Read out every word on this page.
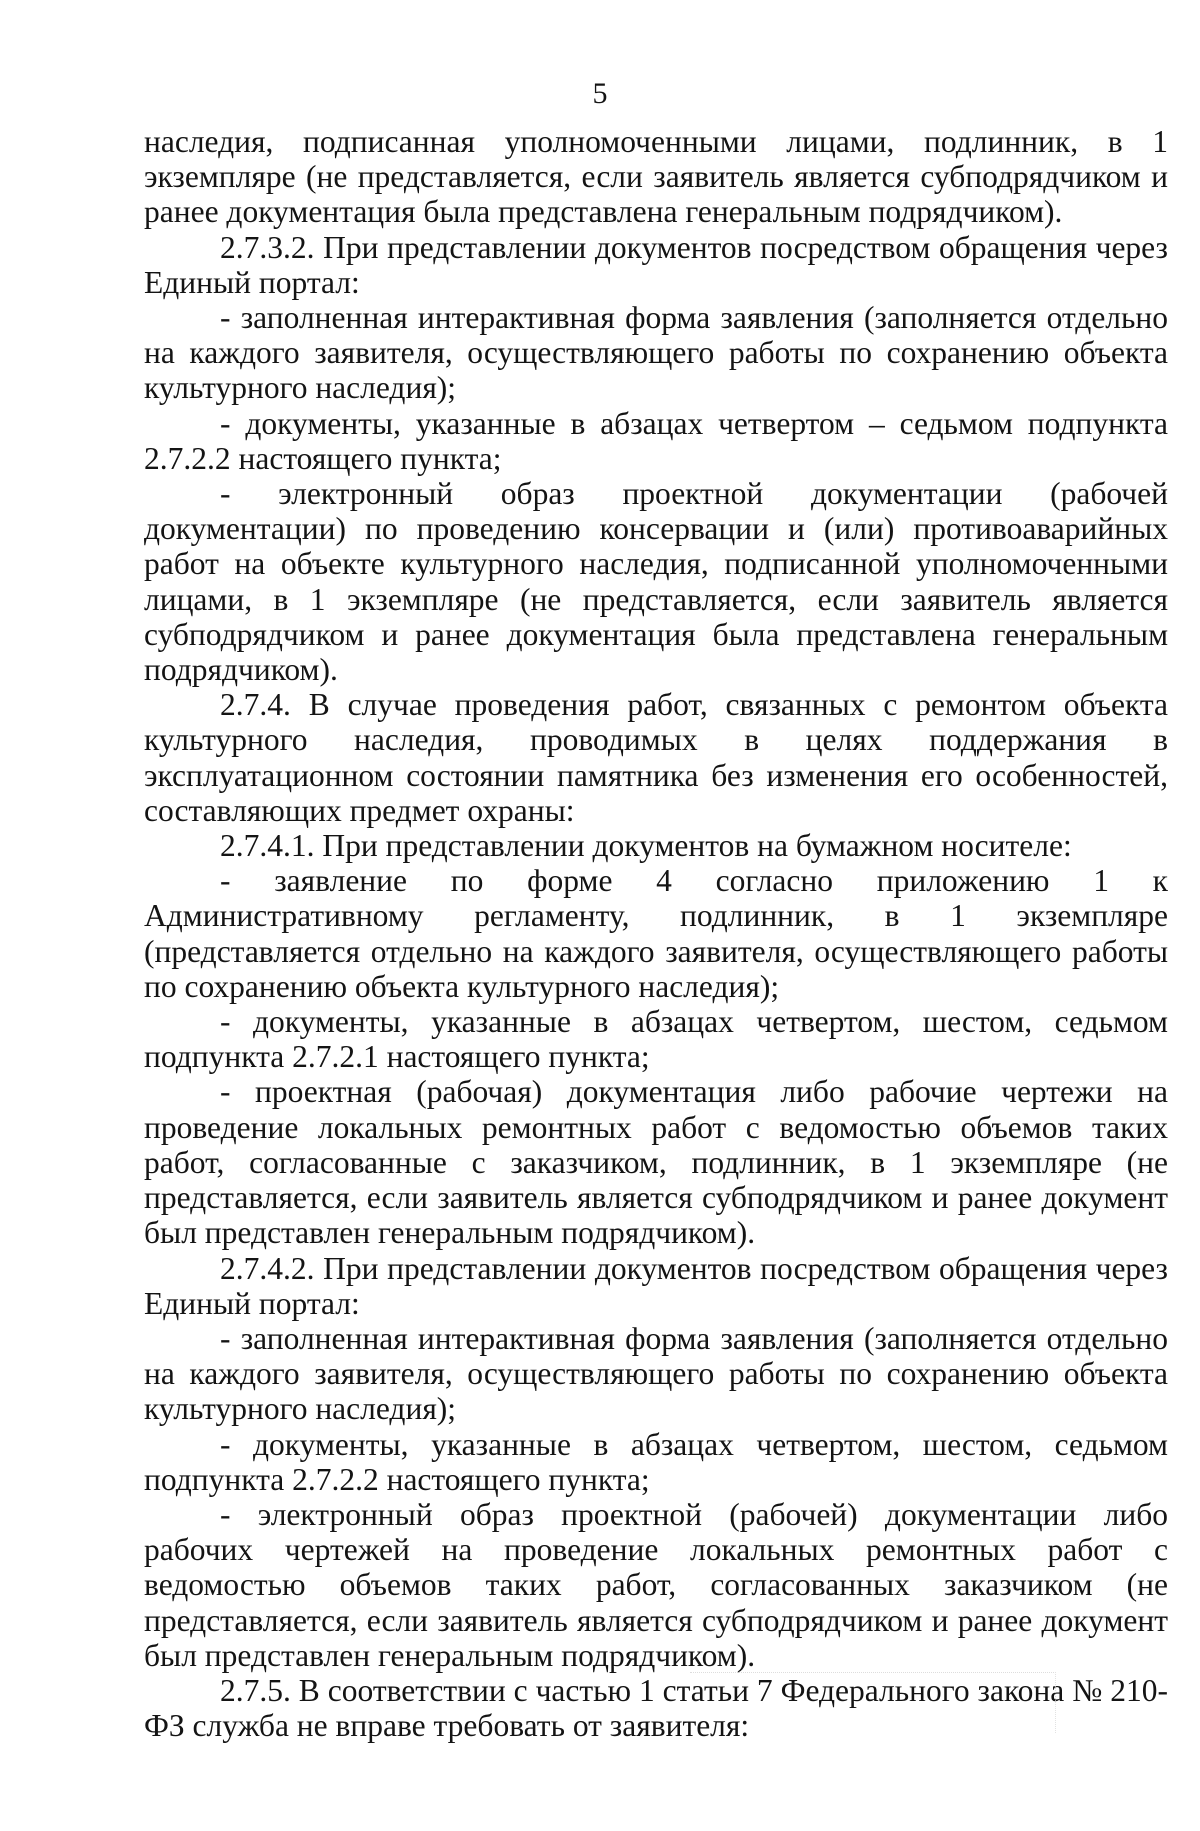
5

наследия, подписанная уполномоченными лицами, подлинник, в 1 экземпляре (не представляется, если заявитель является субподрядчиком и ранее документация была представлена генеральным подрядчиком).

2.7.3.2. При представлении документов посредством обращения через Единый портал:

- заполненная интерактивная форма заявления (заполняется отдельно на каждого заявителя, осуществляющего работы по сохранению объекта культурного наследия);

- документы, указанные в абзацах четвертом – седьмом подпункта 2.7.2.2 настоящего пункта;

- электронный образ проектной документации (рабочей документации) по проведению консервации и (или) противоаварийных работ на объекте культурного наследия, подписанной уполномоченными лицами, в 1 экземпляре (не представляется, если заявитель является субподрядчиком и ранее документация была представлена генеральным подрядчиком).

2.7.4. В случае проведения работ, связанных с ремонтом объекта культурного наследия, проводимых в целях поддержания в эксплуатационном состоянии памятника без изменения его особенностей, составляющих предмет охраны:

2.7.4.1. При представлении документов на бумажном носителе:

- заявление по форме 4 согласно приложению 1 к Административному регламенту, подлинник, в 1 экземпляре (представляется отдельно на каждого заявителя, осуществляющего работы по сохранению объекта культурного наследия);

- документы, указанные в абзацах четвертом, шестом, седьмом подпункта 2.7.2.1 настоящего пункта;

- проектная (рабочая) документация либо рабочие чертежи на проведение локальных ремонтных работ с ведомостью объемов таких работ, согласованные с заказчиком, подлинник, в 1 экземпляре (не представляется, если заявитель является субподрядчиком и ранее документ был представлен генеральным подрядчиком).

2.7.4.2. При представлении документов посредством обращения через Единый портал:

- заполненная интерактивная форма заявления (заполняется отдельно на каждого заявителя, осуществляющего работы по сохранению объекта культурного наследия);

- документы, указанные в абзацах четвертом, шестом, седьмом подпункта 2.7.2.2 настоящего пункта;

- электронный образ проектной (рабочей) документации либо рабочих чертежей на проведение локальных ремонтных работ с ведомостью объемов таких работ, согласованных заказчиком (не представляется, если заявитель является субподрядчиком и ранее документ был представлен генеральным подрядчиком).

2.7.5. В соответствии с частью 1 статьи 7 Федерального закона № 210-ФЗ служба не вправе требовать от заявителя:
